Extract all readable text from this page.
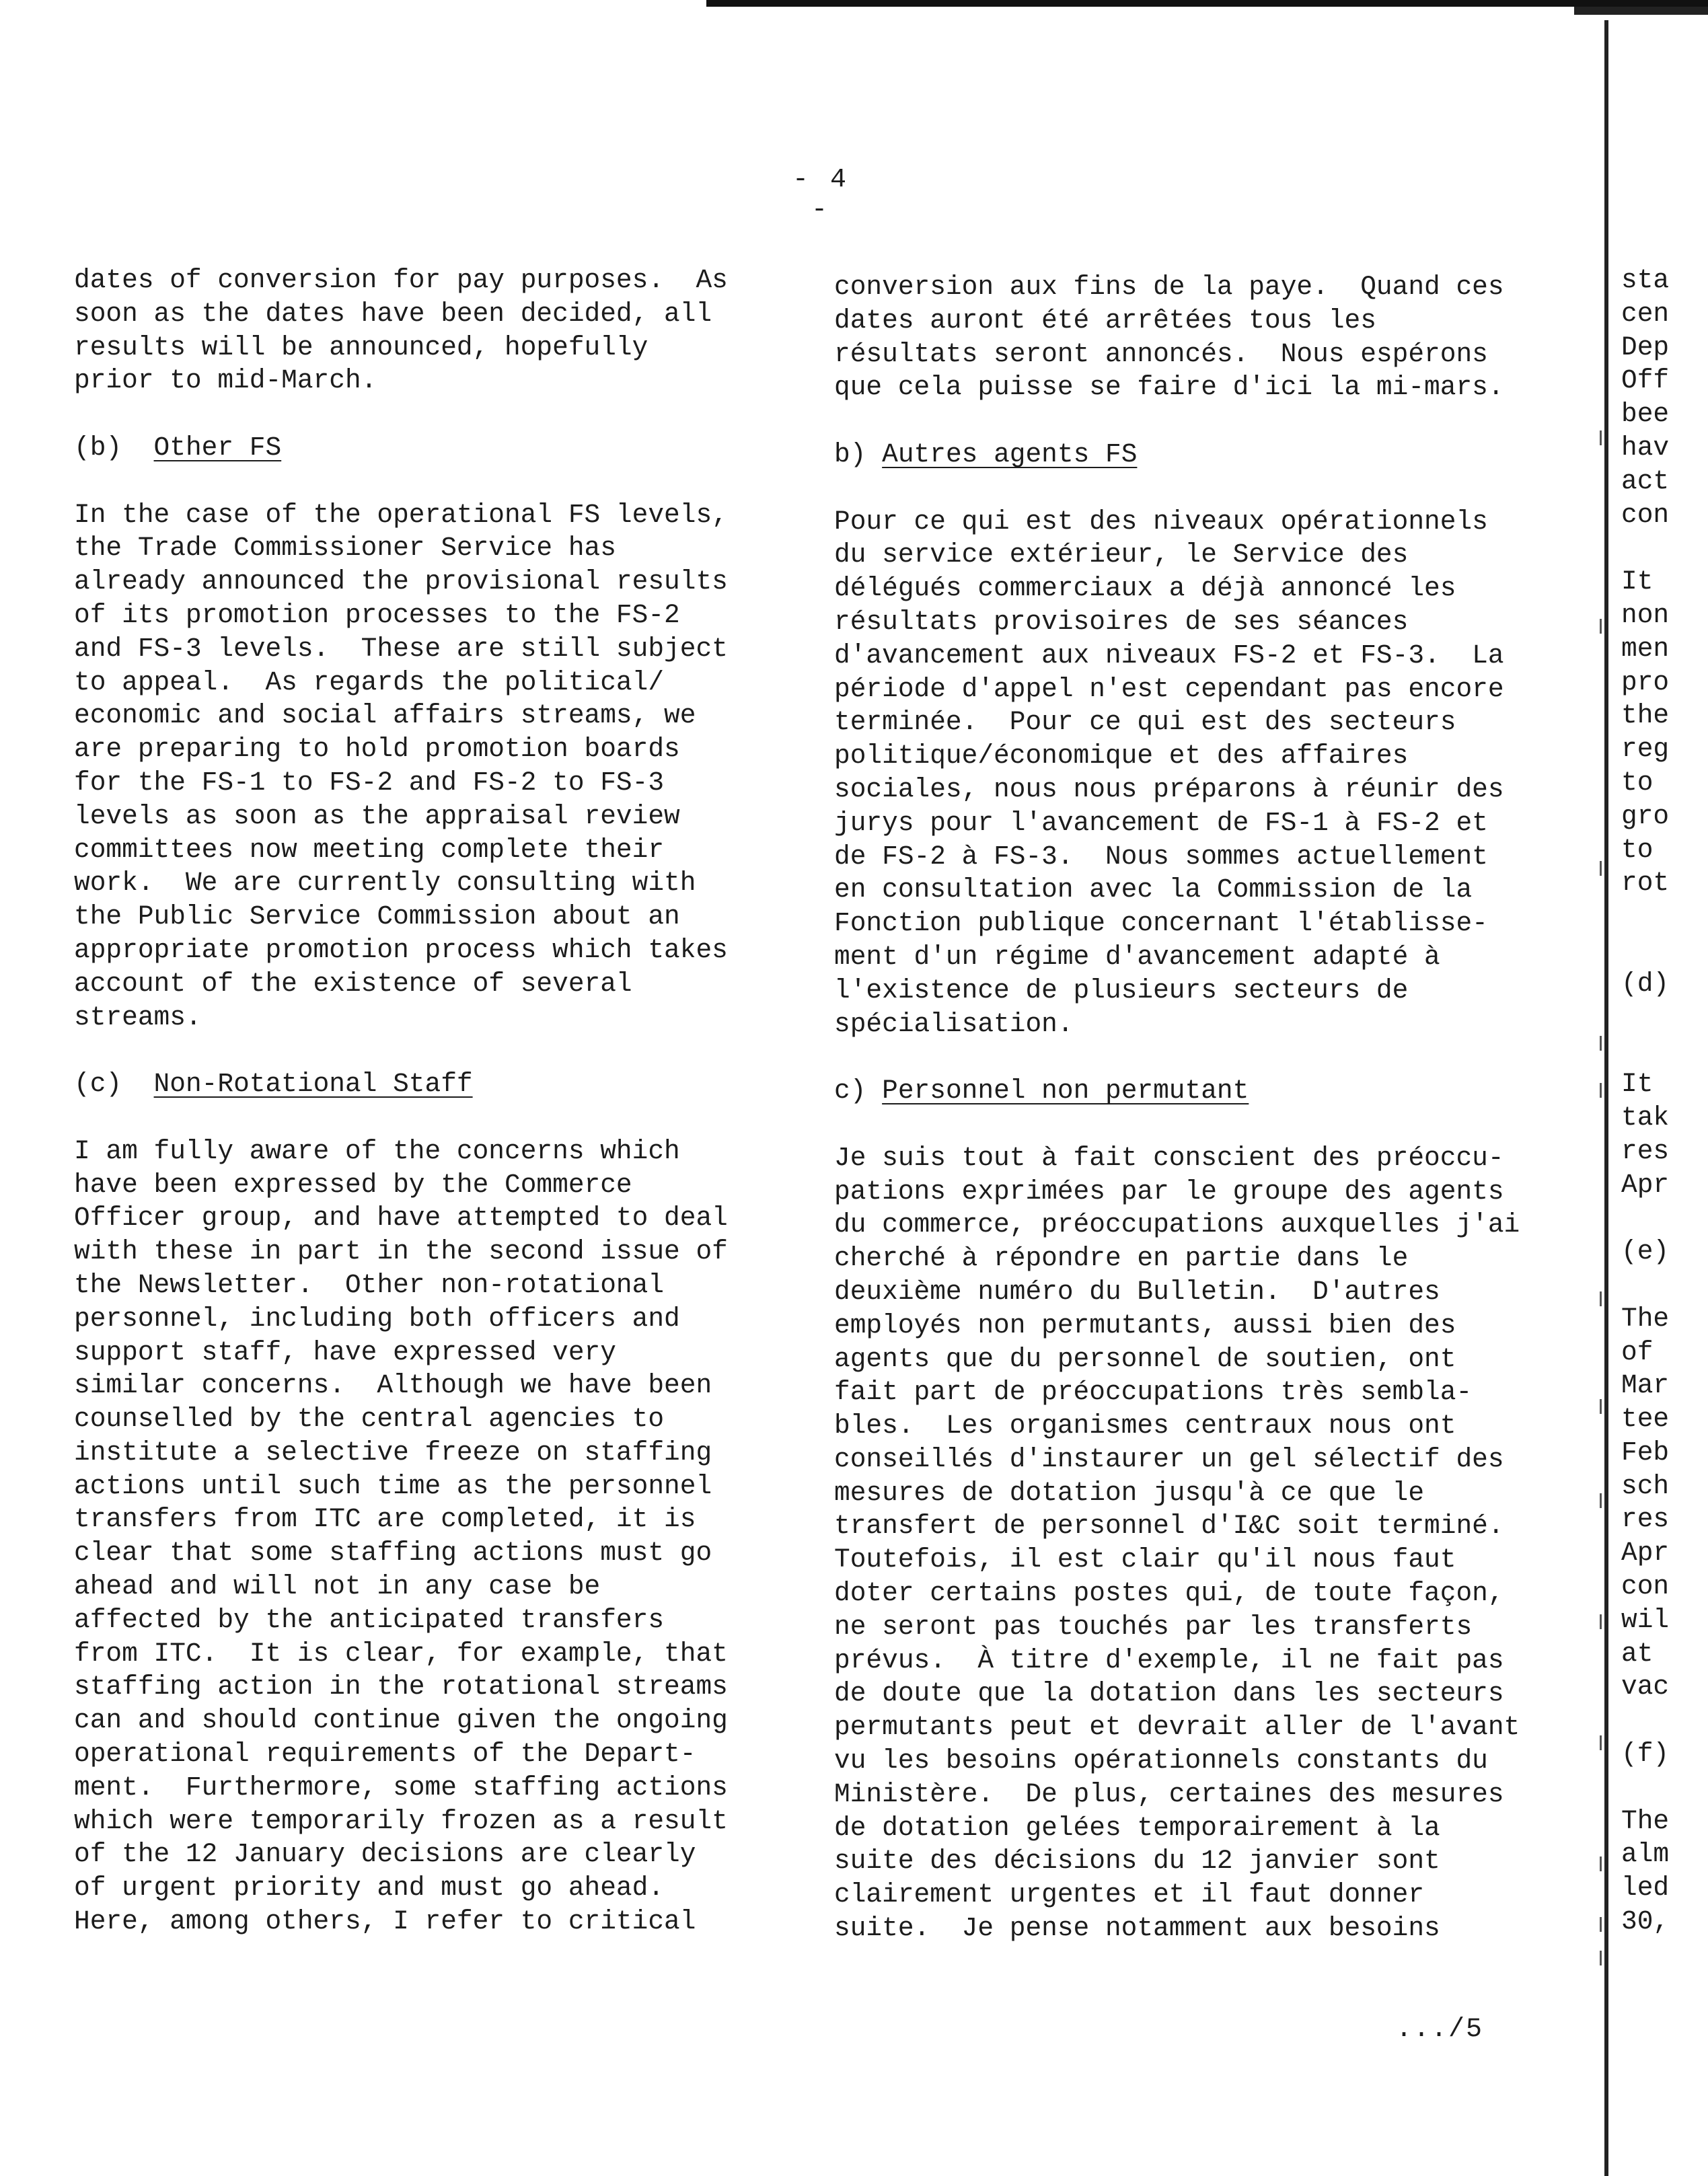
- 4 -
dates of conversion for pay purposes.  As
soon as the dates have been decided, all
results will be announced, hopefully
prior to mid-March.
(b) Other FS
In the case of the operational FS levels,
the Trade Commissioner Service has
already announced the provisional results
of its promotion processes to the FS-2
and FS-3 levels.  These are still subject
to appeal.  As regards the political/
economic and social affairs streams, we
are preparing to hold promotion boards
for the FS-1 to FS-2 and FS-2 to FS-3
levels as soon as the appraisal review
committees now meeting complete their
work.  We are currently consulting with
the Public Service Commission about an
appropriate promotion process which takes
account of the existence of several
streams.
(c) Non-Rotational Staff
I am fully aware of the concerns which
have been expressed by the Commerce
Officer group, and have attempted to deal
with these in part in the second issue of
the Newsletter.  Other non-rotational
personnel, including both officers and
support staff, have expressed very
similar concerns.  Although we have been
counselled by the central agencies to
institute a selective freeze on staffing
actions until such time as the personnel
transfers from ITC are completed, it is
clear that some staffing actions must go
ahead and will not in any case be
affected by the anticipated transfers
from ITC.  It is clear, for example, that
staffing action in the rotational streams
can and should continue given the ongoing
operational requirements of the Depart-
ment.  Furthermore, some staffing actions
which were temporarily frozen as a result
of the 12 January decisions are clearly
of urgent priority and must go ahead.
Here, among others, I refer to critical
conversion aux fins de la paye.  Quand ces
dates auront été arrêtées tous les
résultats seront annoncés.  Nous espérons
que cela puisse se faire d'ici la mi-mars.
b) Autres agents FS
Pour ce qui est des niveaux opérationnels
du service extérieur, le Service des
délégués commerciaux a déjà annoncé les
résultats provisoires de ses séances
d'avancement aux niveaux FS-2 et FS-3.  La
période d'appel n'est cependant pas encore
terminée.  Pour ce qui est des secteurs
politique/économique et des affaires
sociales, nous nous préparons à réunir des
jurys pour l'avancement de FS-1 à FS-2 et
de FS-2 à FS-3.  Nous sommes actuellement
en consultation avec la Commission de la
Fonction publique concernant l'établisse-
ment d'un régime d'avancement adapté à
l'existence de plusieurs secteurs de
spécialisation.
c) Personnel non permutant
Je suis tout à fait conscient des préoccu-
pations exprimées par le groupe des agents
du commerce, préoccupations auxquelles j'ai
cherché à répondre en partie dans le
deuxième numéro du Bulletin.  D'autres
employés non permutants, aussi bien des
agents que du personnel de soutien, ont
fait part de préoccupations très sembla-
bles.  Les organismes centraux nous ont
conseillés d'instaurer un gel sélectif des
mesures de dotation jusqu'à ce que le
transfert de personnel d'I&C soit terminé.
Toutefois, il est clair qu'il nous faut
doter certains postes qui, de toute façon,
ne seront pas touchés par les transferts
prévus.  À titre d'exemple, il ne fait pas
de doute que la dotation dans les secteurs
permutants peut et devrait aller de l'avant
vu les besoins opérationnels constants du
Ministère.  De plus, certaines des mesures
de dotation gelées temporairement à la
suite des décisions du 12 janvier sont
clairement urgentes et il faut donner
suite.  Je pense notamment aux besoins
sta
cen
Dep
Off
bee
hav
act
con
It
non
men
pro
the
reg
to
gro
to
rot
(d)
It
tak
res
Apr
(e)
The
of
Mar
tee
Feb
sch
res
Apr
con
wil
at
vac
(f)
The
alm
led
30,
.../5
